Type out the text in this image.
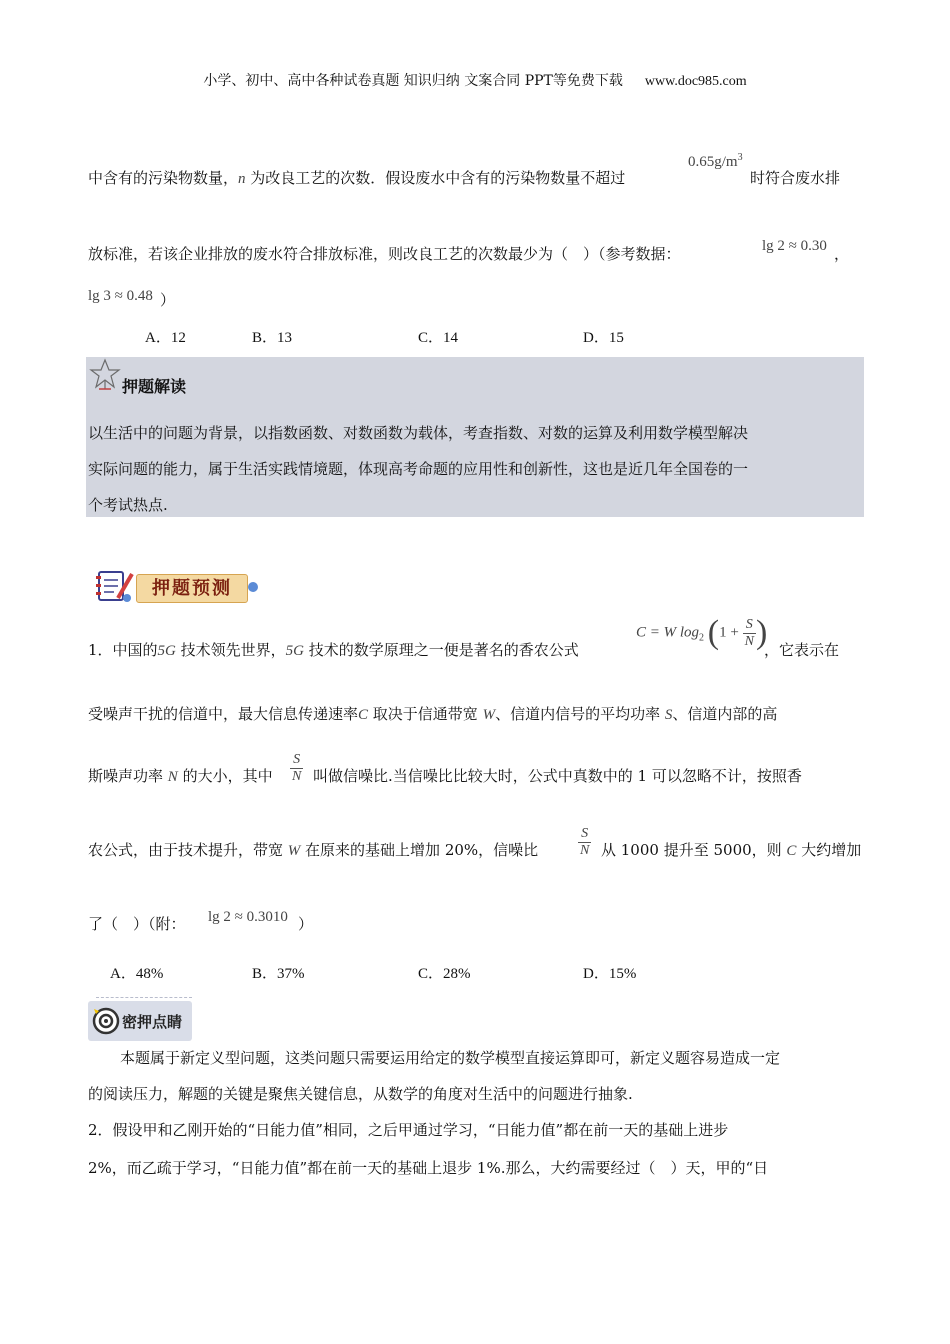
小学、初中、高中各种试卷真题 知识归纳 文案合同 PPT等免费下载 www.doc985.com
中含有的污染物数量，n 为改良工艺的次数．假设废水中含有的污染物数量不超过
$0.65g/m^3$
时符合废水排
放标准，若该企业排放的废水符合排放标准，则改良工艺的次数最少为（　）（参考数据：	lg 2 ≈ 0.30 ，
lg 3 ≈ 0.48 ）
A．12	B．13	C．14	D．15
押题解读
以生活中的问题为背景，以指数函数、对数函数为载体，考查指数、对数的运算及利用数学模型解决
实际问题的能力，属于生活实践情境题，体现高考命题的应用性和创新性，这也是近几年全国卷的一
个考试热点.
押题预测
1．中国的5G 技术领先世界，5G 技术的数学原理之一便是著名的香农公式
C = W $\log_2 (1 + \frac{S}{N}$ )
，它表示在
受噪声干扰的信道中，最大信息传递速率C 取决于信通带宽 W、信道内信号的平均功率 S、信道内部的高
斯噪声功率 N 的大小，其中 $\frac{S}{N}$ 叫做信噪比.当信噪比比较大时，公式中真数中的 1 可以忽略不计，按照香
农公式，由于技术提升，带宽 W 在原来的基础上增加 20%，信噪比	$\frac{S}{N}$ 从 1000 提升至 5000，则 C 大约增加
了（　）（附： lg 2 ≈ 0.3010 ）
A．48%	B．37%	C．28%	D．15%
密押点睛
本题属于新定义型问题，这类问题只需要运用给定的数学模型直接运算即可，新定义题容易造成一定
的阅读压力，解题的关键是聚焦关键信息，从数学的角度对生活中的问题进行抽象.
2．假设甲和乙刚开始的“日能力值”相同，之后甲通过学习，“日能力值”都在前一天的基础上进步
2%，而乙疏于学习，“日能力值”都在前一天的基础上退步 1%.那么，大约需要经过（　）天，甲的“日
